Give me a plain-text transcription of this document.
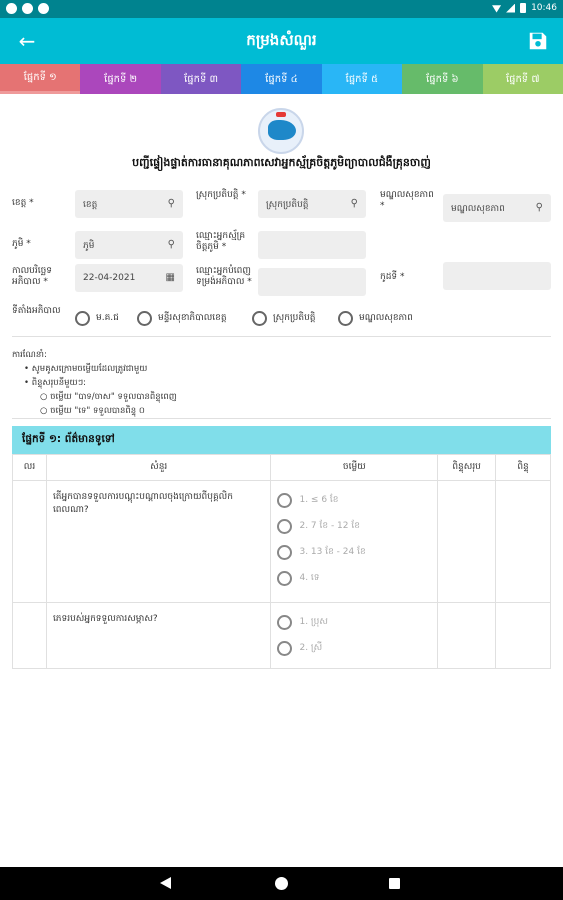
10:46
←	កម្រងសំណួរ
ផ្នែកទី ១	ផ្នែកទី ២	ផ្នែកទី ៣	ផ្នែកទី ៤	ផ្នែកទី ៥	ផ្នែកទី ៦	ផ្នែកទី ៧
បញ្ជីផ្ទៀងផ្ទាត់ការធានាគុណភាពសេវាអ្នកស្ម័គ្រចិត្តភូមិព្យាបាលជំងឺគ្រុនចាញ់
ខេត្ត *	ខេត្ត	⚲
ស្រុកប្រតិបត្តិ *
ស្រុកប្រតិបត្តិ	⚲
មណ្ឌលសុខភាព *	មណ្ឌលសុខភាព	⚲
ភូមិ *	ភូមិ	⚲
ឈ្មោះអ្នកស្ម័គ្រចិត្តភូមិ *
កាលបរិច្ឆេទអភិបាល *	22-04-2021	▦
ឈ្មោះអ្នកបំពេញទម្រង់អភិបាល *	កូដទី *
ទីតាំងអភិបាល
ម.គ.ជ	មន្ទីរសុខាភិបាលខេត្ត	ស្រុកប្រតិបត្តិ	មណ្ឌលសុខភាព
ការណែនាំ:
• សូមគូសក្រោមចម្លើយដែលត្រូវជាមួយ
• ពិន្ទុសរុបនីមួយៗ:
○ ចម្លើយ "បាទ/ចាស" ទទួលបានពិន្ទុពេញ
○ ចម្លើយ "ទេ" ទទួលបានពិន្ទុ ០
ផ្នែកទី ១: ព័ត៌មានទូទៅ
លរ	សំនួរ	ចម្លើយ	ពិន្ទុសរុប	ពិន្ទុ
	តើអ្នកបានទទួលការបណ្តុះបណ្តាលចុងក្រោយពីបុគ្គលិកពេលណា?	1. ≤ 6 ខែ
2. 7 ខែ - 12 ខែ
3. 13 ខែ - 24 ខែ
4. ទេ		

	ភេទរបស់អ្នកទទួលការសម្ភាស?	1. ប្រុស
2. ស្រី		
